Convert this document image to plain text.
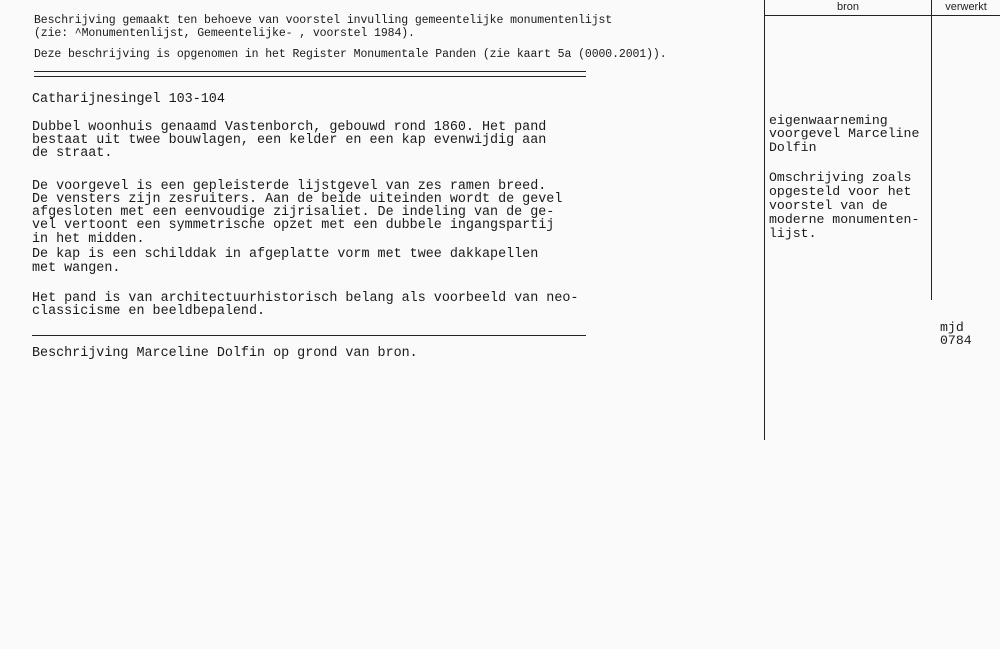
Beschrijving gemaakt ten behoeve van voorstel invulling gemeentelijke monumentenlijst
(zie: ^Monumentenlijst, Gemeentelijke- , voorstel 1984).
Deze beschrijving is opgenomen in het Register Monumentale Panden (zie kaart 5a (0000.2001)).
bron	verwerkt
Catharijnesingel 103-104
Dubbel woonhuis genaamd Vastenborch, gebouwd rond 1860. Het pand
bestaat uit twee bouwlagen, een kelder en een kap evenwijdig aan
de straat.
De voorgevel is een gepleisterde lijstgevel van zes ramen breed.
De vensters zijn zesruiters. Aan de beide uiteinden wordt de gevel
afgesloten met een eenvoudige zijrisaliet. De indeling van de ge-
vel vertoont een symmetrische opzet met een dubbele ingangspartij
in het midden.
De kap is een schilddak in afgeplatte vorm met twee dakkapellen
met wangen.
Het pand is van architectuurhistorisch belang als voorbeeld van neo-
classicisme en beeldbepalend.
Beschrijving Marceline Dolfin op grond van bron.
eigenwaarneming
voorgevel Marceline
Dolfin
Omschrijving zoals
opgesteld voor het
voorstel van de
moderne monumenten-
lijst.
mjd
0784
